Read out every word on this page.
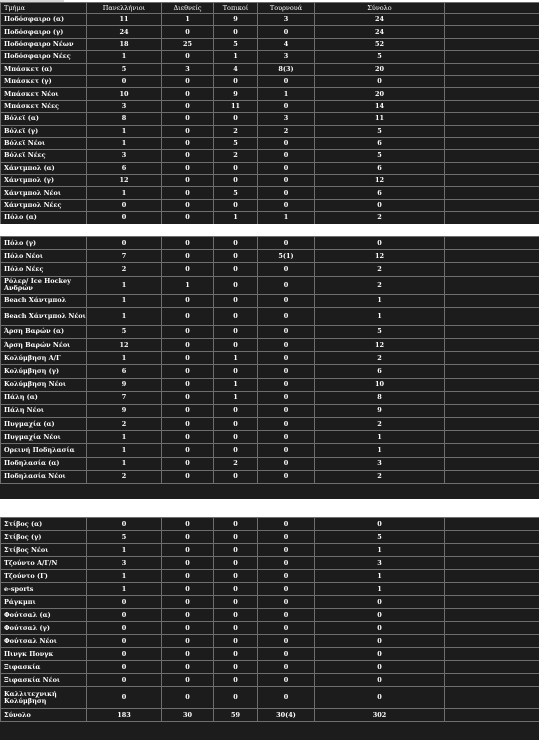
Τμήμα	Πανελλήνιοι	Διεθνείς	Τοπικοί	Τουρνουά	Σύνολο	
Ποδόσφαιρο (α)	11	1	9	3	24	
Ποδόσφαιρο (γ)	24	0	0	0	24	
Ποδόσφαιρο Νέων	18	25	5	4	52	
Ποδόσφαιρο Νέες	1	0	1	3	5	
Μπάσκετ (α)	5	3	4	8(3)	20	
Μπάσκετ (γ)	0	0	0	0	0	
Μπάσκετ Νέοι	10	0	9	1	20	
Μπάσκετ Νέες	3	0	11	0	14	
Βόλεϊ (α)	8	0	0	3	11	
Βόλεϊ (γ)	1	0	2	2	5	
Βόλεϊ Νέοι	1	0	5	0	6	
Βόλεϊ Νέες	3	0	2	0	5	
Χάντμπολ (α)	6	0	0	0	6	
Χάντμπολ (γ)	12	0	0	0	12	
Χάντμπολ Νέοι	1	0	5	0	6	
Χάντμπολ Νέες	0	0	0	0	0	
Πόλο (α)	0	0	1	1	2	
Πόλο (γ)	0	0	0	0	0	
Πόλο Νέοι	7	0	0	5(1)	12	
Πόλο Νέες	2	0	0	0	2	
Ρόλερ/ Ice Hockey Ανδρών	1	1	0	0	2	
Beach Χάντμπολ	1	0	0	0	1	
Beach Χάντμπολ Νέοι	1	0	0	0	1	
Άρση Βαρών (α)	5	0	0	0	5	
Άρση Βαρών Νέοι	12	0	0	0	12	
Κολύμβηση Α/Γ	1	0	1	0	2	
Κολύμβηση (γ)	6	0	0	0	6	
Κολύμβηση Νέοι	9	0	1	0	10	
Πάλη (α)	7	0	1	0	8	
Πάλη Νέοι	9	0	0	0	9	
Πυγμαχία (α)	2	0	0	0	2	
Πυγμαχία Νέοι	1	0	0	0	1	
Ορεινή Ποδηλασία	1	0	0	0	1	
Ποδηλασία (α)	1	0	2	0	3	
Ποδηλασία Νέοι	2	0	0	0	2	
Στίβος (α)	0	0	0	0	0	
Στίβος (γ)	5	0	0	0	5	
Στίβος Νέοι	1	0	0	0	1	
Τζούντο Α/Γ/Ν	3	0	0	0	3	
Τζούντο (Γ)	1	0	0	0	1	
e-sports	1	0	0	0	1	
Ράγκμπι	0	0	0	0	0	
Φούτσαλ (α)	0	0	0	0	0	
Φούτσαλ (γ)	0	0	0	0	0	
Φούτσαλ Νέοι	0	0	0	0	0	
Πινγκ Πονγκ	0	0	0	0	0	
Ξιφασκία	0	0	0	0	0	
Ξιφασκία Νέοι	0	0	0	0	0	
Καλλιτεχνική Κολύμβηση	0	0	0	0	0	
Σύνολο	183	30	59	30(4)	302	
